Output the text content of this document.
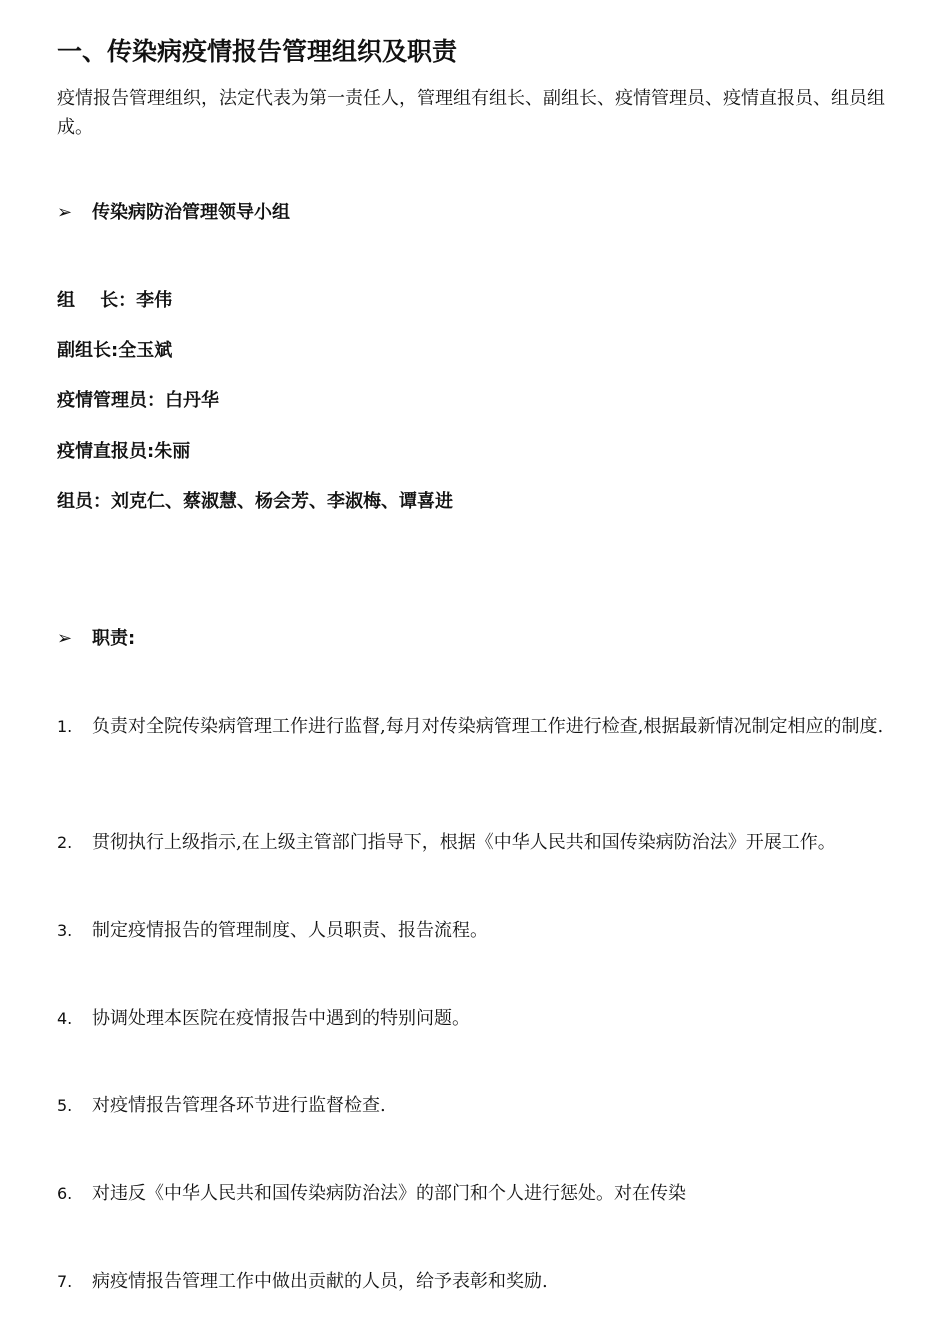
一、传染病疫情报告管理组织及职责
疫情报告管理组织，法定代表为第一责任人，管理组有组长、副组长、疫情管理员、疫情直报员、组员组成。
➢ 传染病防治管理领导小组
组    长：李伟
副组长:全玉斌
疫情管理员：白丹华
疫情直报员:朱丽
组员：刘克仁、蔡淑慧、杨会芳、李淑梅、谭喜进
➢ 职责:
1.	负责对全院传染病管理工作进行监督,每月对传染病管理工作进行检查,根据最新情况制定相应的制度.
2.	贯彻执行上级指示,在上级主管部门指导下，根据《中华人民共和国传染病防治法》开展工作。
3.	制定疫情报告的管理制度、人员职责、报告流程。
4.	协调处理本医院在疫情报告中遇到的特别问题。
5.	对疫情报告管理各环节进行监督检查.
6.	对违反《中华人民共和国传染病防治法》的部门和个人进行惩处。对在传染
7.	病疫情报告管理工作中做出贡献的人员，给予表彰和奖励.
